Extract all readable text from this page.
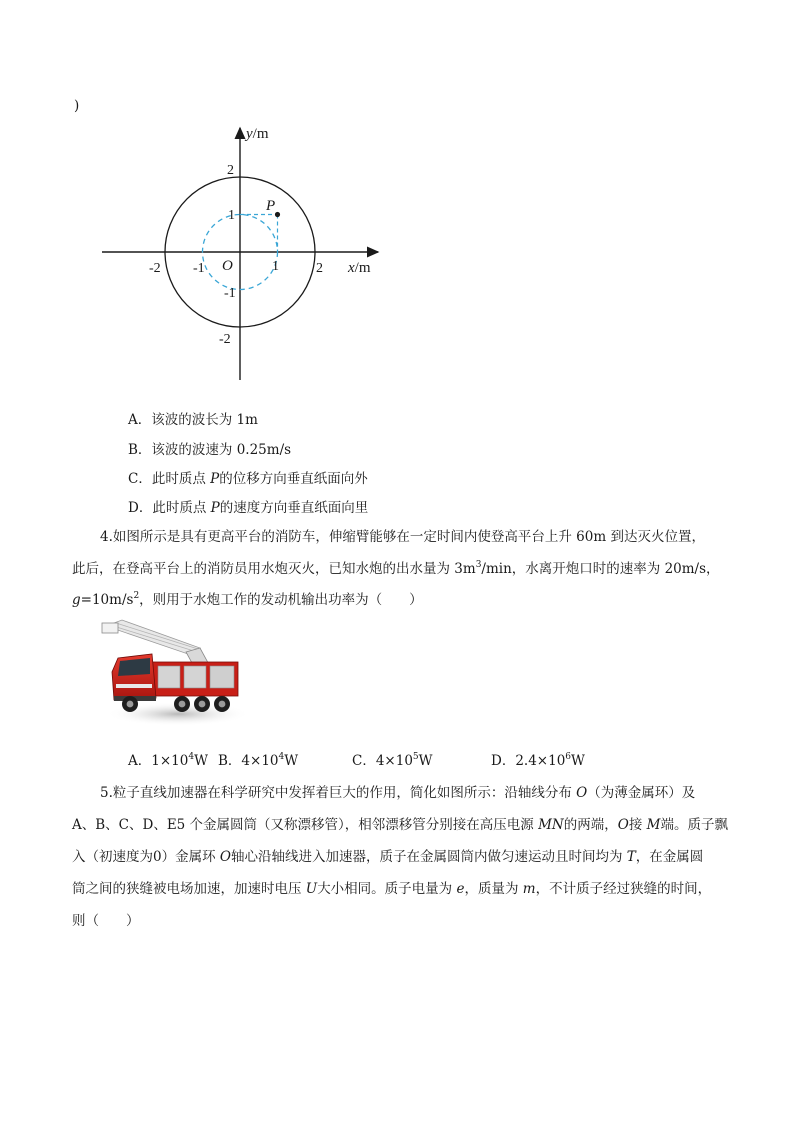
)
P
y/m
x/m
O
2
1
-1
-2
-2 -1	1	2
A．该波的波长为 1m
B．该波的波速为 0.25m/s
C．此时质点 P的位移方向垂直纸面向外
D．此时质点 P的速度方向垂直纸面向里
4.如图所示是具有更高平台的消防车，伸缩臂能够在一定时间内使登高平台上升 60m 到达灭火位置，
此后，在登高平台上的消防员用水炮灭火，已知水炮的出水量为 $3m^3/\min$，水离开炮口时的速率为 20m/s，
$g=10m/s^2$，则用于水炮工作的发动机输出功率为（　　）
A．$1\times 10^4W$ B．$4\times 10^4W$	C．$4\times 10^5W$	D．$2.4\times 10^6W$
5.粒子直线加速器在科学研究中发挥着巨大的作用，简化如图所示：沿轴线分布 O（为薄金属环）及
A、B、C、D、E5 个金属圆筒（又称漂移管），相邻漂移管分别接在高压电源 MN的两端，O接 M端。质子飘
入（初速度为0）金属环 O轴心沿轴线进入加速器，质子在金属圆筒内做匀速运动且时间均为 T，在金属圆
筒之间的狭缝被电场加速，加速时电压 U大小相同。质子电量为 e，质量为 m，不计质子经过狭缝的时间，
则（　　）
